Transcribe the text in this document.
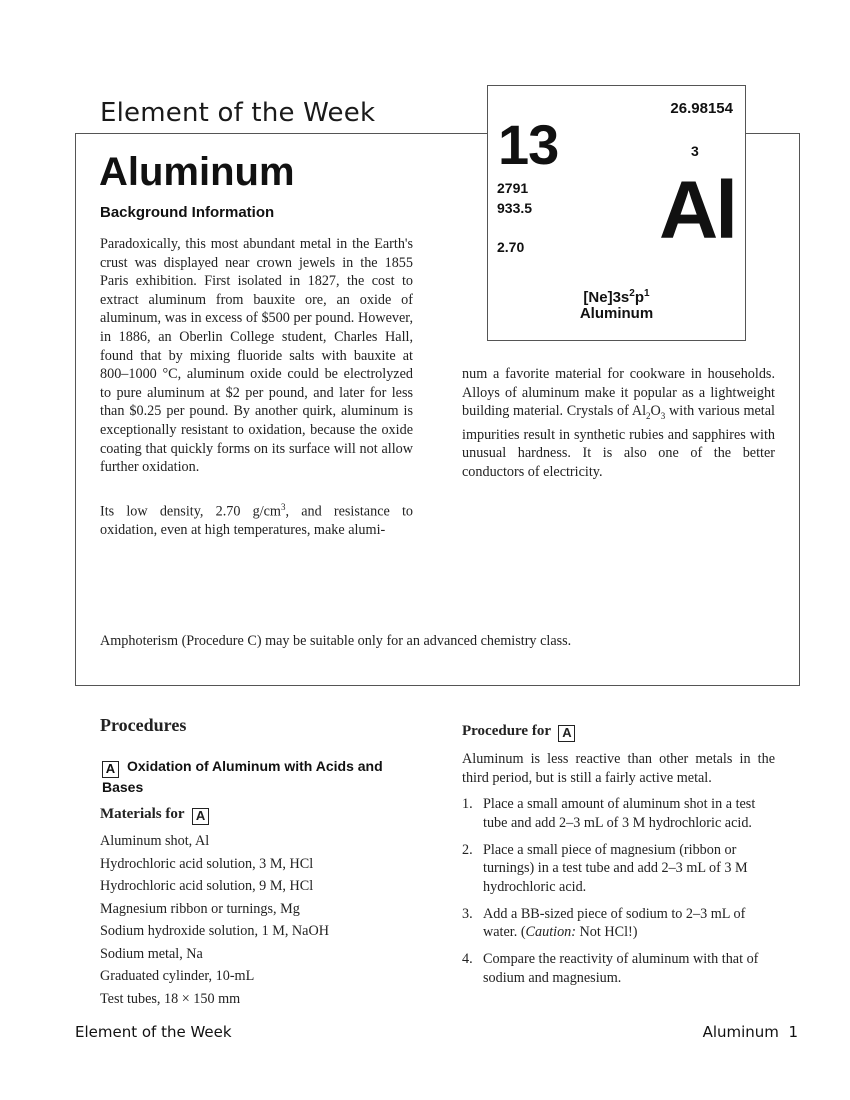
Element of the Week	26.98154
13	3
2791
933.5
2.70 Al
$[Ne]3s^2p^1$
Aluminum
Aluminum
Background Information

Paradoxically, this most abundant metal in the Earth's crust was displayed near crown jewels in the 1855 Paris exhibition. First isolated in 1827, the cost to extract aluminum from bauxite ore, an oxide of aluminum, was in excess of $500 per pound. However, in 1886, an Oberlin College student, Charles Hall, found that by mixing fluoride salts with bauxite at 800–1000 °C, aluminum oxide could be electrolyzed to pure aluminum at $2 per pound, and later for less than $0.25 per pound. By another quirk, aluminum is exceptionally resistant to oxidation, because the oxide coating that quickly forms on its surface will not allow further oxidation.

Its low density, 2.70 $g/cm^3$, and resistance to oxidation, even at high temperatures, make alumi-

num a favorite material for cookware in households. Alloys of aluminum make it popular as a lightweight building material. Crystals of $Al_2O_3$ with various metal impurities result in synthetic rubies and sapphires with unusual hardness. It is also one of the better conductors of electricity.

Amphoterism (Procedure C) may be suitable only for an advanced chemistry class.

Procedures
A Oxidation of Aluminum with Acids and Bases
Materials for A
Aluminum shot, Al
Hydrochloric acid solution, 3 M, HCl
Hydrochloric acid solution, 9 M, HCl
Magnesium ribbon or turnings, Mg
Sodium hydroxide solution, 1 M, NaOH
Sodium metal, Na
Graduated cylinder, 10-mL
Test tubes, 18 × 150 mm
Procedure for A

Aluminum is less reactive than other metals in the third period, but is still a fairly active metal.

1. Place a small amount of aluminum shot in a test tube and add 2–3 mL of 3 M hydrochloric acid.
2. Place a small piece of magnesium (ribbon or turnings) in a test tube and add 2–3 mL of 3 M hydrochloric acid.
3. Add a BB-sized piece of sodium to 2–3 mL of water. (Caution: Not HCl!)
4. Compare the reactivity of aluminum with that of sodium and magnesium.
Element of the Week	Aluminum  1
